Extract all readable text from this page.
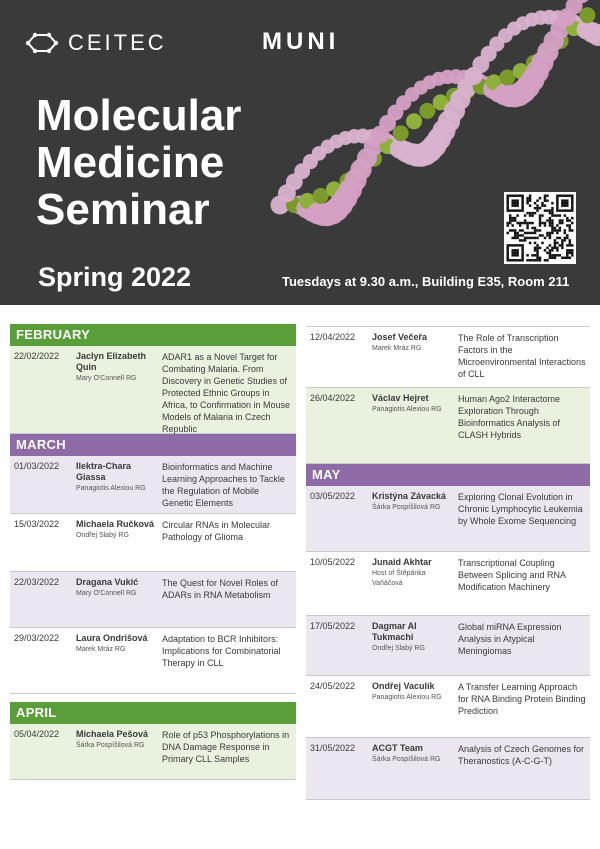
CEITEC	MUNI
Molecular
Medicine
Seminar
Spring 2022	Tuesdays at 9.30 a.m., Building E35, Room 211
FEBRUARY
22/02/2022	Jaclyn Elizabeth Quin
Mary O'Connell RG
ADAR1 as a Novel Target for Combating Malaria. From Discovery in Genetic Studies of Protected Ethnic Groups in Africa, to Confirmation in Mouse Models of Malaria in Czech Republic
MARCH
01/03/2022	Ilektra-Chara Giassa
Panagiotis Alexiou RG
Bioinformatics and Machine Learning Approaches to Tackle the Regulation of Mobile Genetic Elements
15/03/2022	Michaela Ručková
Ondřej Slabý RG
Circular RNAs in Molecular Pathology of Glioma
22/03/2022	Dragana Vukić
Mary O'Connell RG
The Quest for Novel Roles of ADARs in RNA Metabolism
29/03/2022	Laura Ondrišová
Marek Mráz RG
Adaptation to BCR Inhibitors: Implications for Combinatorial Therapy in CLL
APRIL
05/04/2022	Michaela Pešová
Šárka Pospíšilová RG
Role of p53 Phosphorylations in DNA Damage Response in Primary CLL Samples
12/04/2022	Josef Večeřa
Marek Mráz RG
The Role of Transcription Factors in the Microenvironmental Interactions of CLL
26/04/2022	Václav Hejret
Panagiotis Alexiou RG
Human Ago2 Interactome Exploration Through Bioinformatics Analysis of CLASH Hybrids
MAY
03/05/2022	Kristýna Závacká
Šárka Pospíšilová RG
Exploring Clonal Evolution in Chronic Lymphocytic Leukemia by Whole Exome Sequencing
10/05/2022	Junaid Akhtar
Host of Štěpánka Vaňáčová
Transcriptional Coupling Between Splicing and RNA Modification Machinery
17/05/2022	Dagmar Al Tukmachi
Ondřej Slabý RG
Global miRNA Expression Analysis in Atypical Meningiomas
24/05/2022	Ondřej Vaculík
Panagiotis Alexiou RG
A Transfer Learning Approach for RNA Binding Protein Binding Prediction
31/05/2022	ACGT Team
Šárka Pospíšilová RG
Analysis of Czech Genomes for Theranostics (A-C-G-T)
